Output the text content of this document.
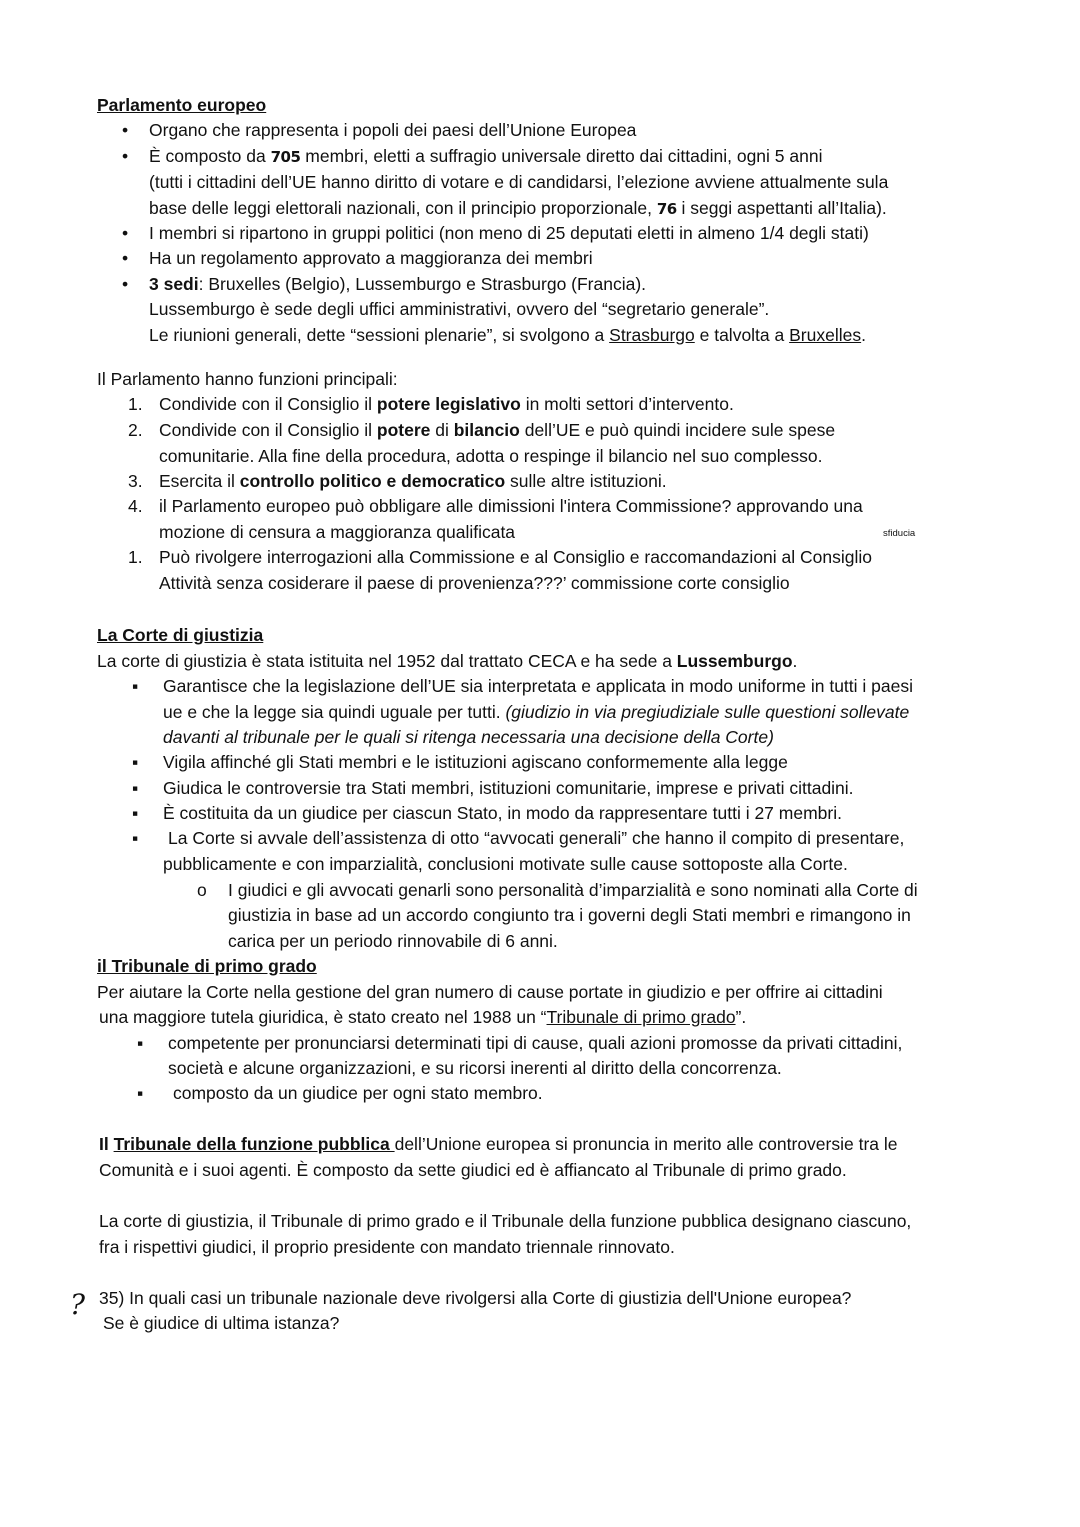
Parlamento europeo
• Organo che rappresenta i popoli dei paesi dell’Unione Europea
• È composto da 705 membri, eletti a suffragio universale diretto dai cittadini, ogni 5 anni
(tutti i cittadini dell’UE hanno diritto di votare e di candidarsi, l’elezione avviene attualmente sula
base delle leggi elettorali nazionali, con il principio proporzionale, 76 i seggi aspettanti all’Italia).
• I membri si ripartono in gruppi politici (non meno di 25 deputati eletti in almeno 1/4 degli stati)
• Ha un regolamento approvato a maggioranza dei membri
• 3 sedi: Bruxelles (Belgio), Lussemburgo e Strasburgo (Francia).
Lussemburgo è sede degli uffici amministrativi, ovvero del “segretario generale”.
Le riunioni generali, dette “sessioni plenarie”, si svolgono a Strasburgo e talvolta a Bruxelles.
Il Parlamento hanno funzioni principali:
1. Condivide con il Consiglio il potere legislativo in molti settori d’intervento.
2. Condivide con il Consiglio il potere di bilancio dell’UE e può quindi incidere sule spese
comunitarie. Alla fine della procedura, adotta o respinge il bilancio nel suo complesso.
3. Esercita il controllo politico e democratico sulle altre istituzioni.
4. il Parlamento europeo può obbligare alle dimissioni l'intera Commissione? approvando una
mozione di censura a maggioranza qualificata	sfiducia
1. Può rivolgere interrogazioni alla Commissione e al Consiglio e raccomandazioni al Consiglio
Attività senza cosiderare il paese di provenienza???’ commissione corte consiglio
La Corte di giustizia
La corte di giustizia è stata istituita nel 1952 dal trattato CECA e ha sede a Lussemburgo.
▪ Garantisce che la legislazione dell’UE sia interpretata e applicata in modo uniforme in tutti i paesi
ue e che la legge sia quindi uguale per tutti. (giudizio in via pregiudiziale sulle questioni sollevate
davanti al tribunale per le quali si ritenga necessaria una decisione della Corte)
▪ Vigila affinché gli Stati membri e le istituzioni agiscano conformemente alla legge
▪ Giudica le controversie tra Stati membri, istituzioni comunitarie, imprese e privati cittadini.
▪ È costituita da un giudice per ciascun Stato, in modo da rappresentare tutti i 27 membri.
▪ La Corte si avvale dell’assistenza di otto “avvocati generali” che hanno il compito di presentare,
pubblicamente e con imparzialità, conclusioni motivate sulle cause sottoposte alla Corte.
o I giudici e gli avvocati genarli sono personalità d’imparzialità e sono nominati alla Corte di
giustizia in base ad un accordo congiunto tra i governi degli Stati membri e rimangono in
carica per un periodo rinnovabile di 6 anni.
il Tribunale di primo grado
Per aiutare la Corte nella gestione del gran numero di cause portate in giudizio e per offrire ai cittadini
una maggiore tutela giuridica, è stato creato nel 1988 un “Tribunale di primo grado”.
▪ competente per pronunciarsi determinati tipi di cause, quali azioni promosse da privati cittadini,
società e alcune organizzazioni, e su ricorsi inerenti al diritto della concorrenza.
▪ composto da un giudice per ogni stato membro.
Il Tribunale della funzione pubblica dell’Unione europea si pronuncia in merito alle controversie tra le
Comunità e i suoi agenti. È composto da sette giudici ed è affiancato al Tribunale di primo grado.
La corte di giustizia, il Tribunale di primo grado e il Tribunale della funzione pubblica designano ciascuno,
fra i rispettivi giudici, il proprio presidente con mandato triennale rinnovato.
? 35) In quali casi un tribunale nazionale deve rivolgersi alla Corte di giustizia dell'Unione europea?
Se è giudice di ultima istanza?
